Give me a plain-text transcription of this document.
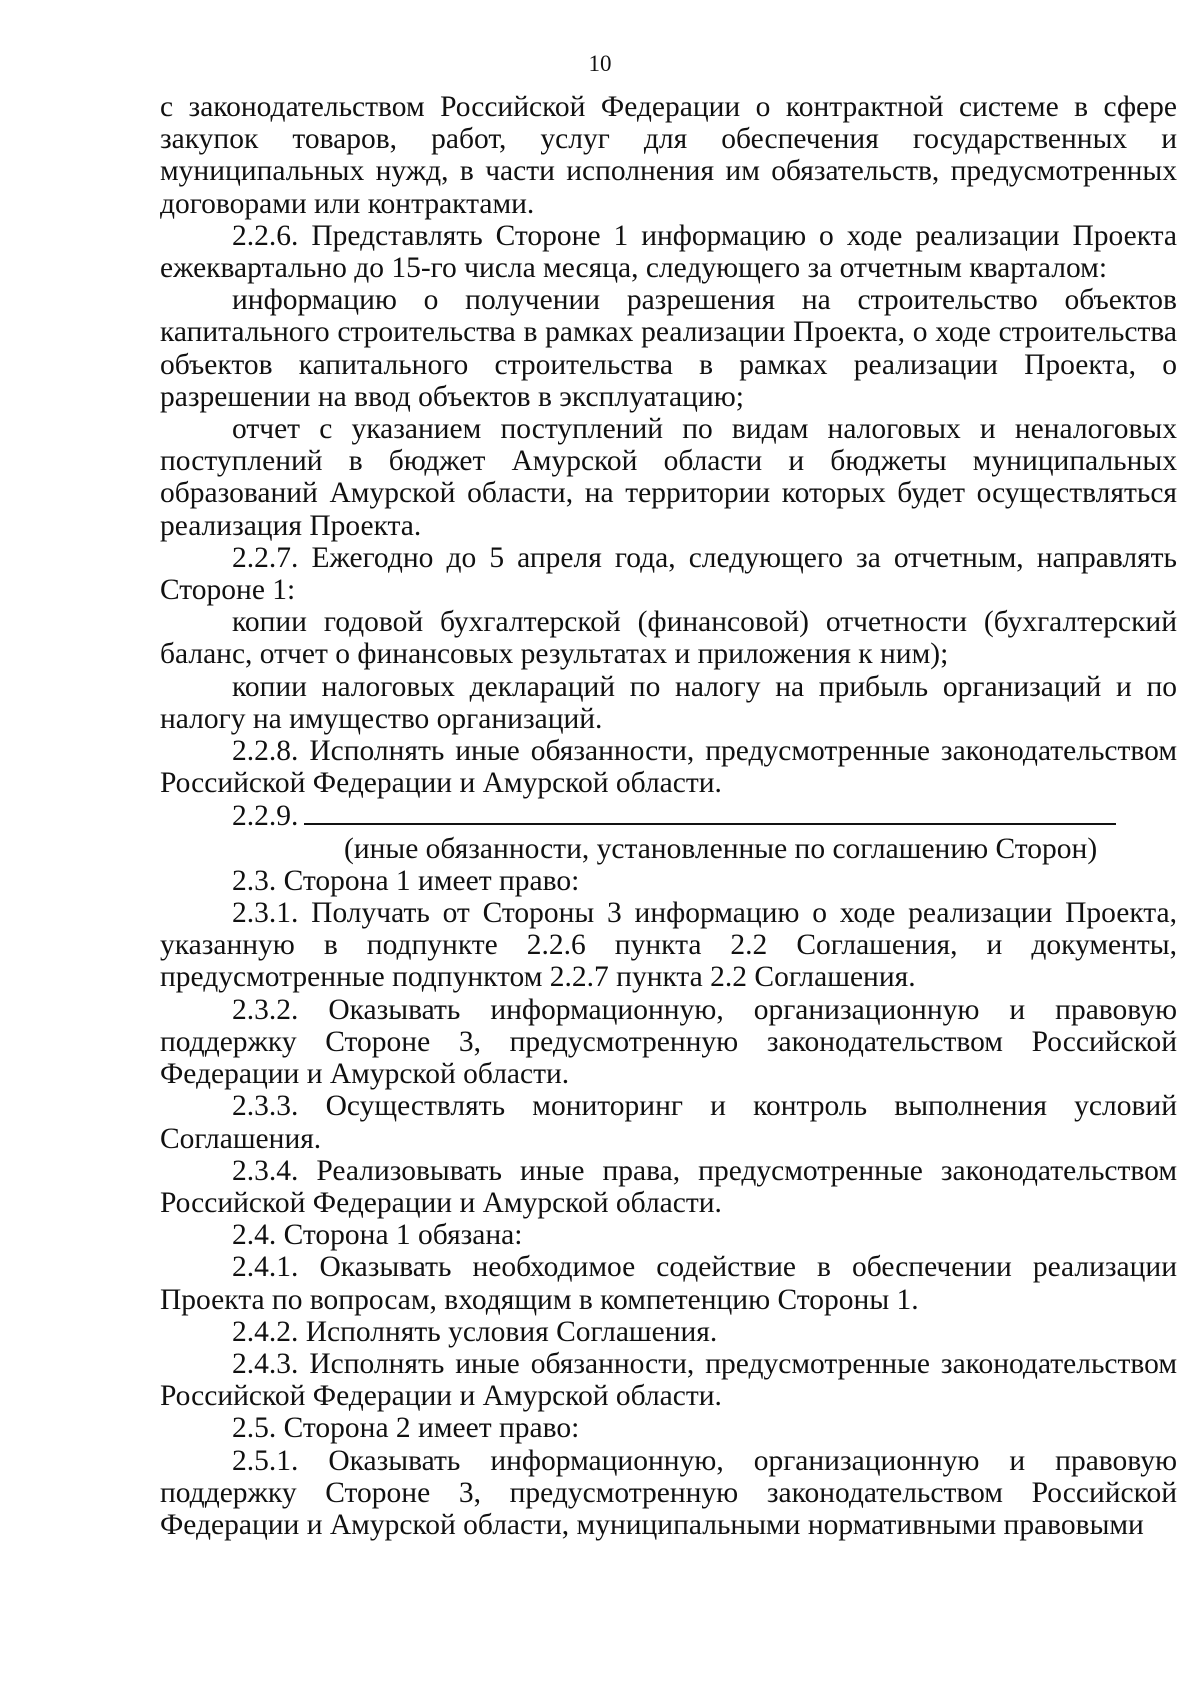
10

с законодательством Российской Федерации о контрактной системе в сфере закупок товаров, работ, услуг для обеспечения государственных и муниципальных нужд, в части исполнения им обязательств, предусмотренных договорами или контрактами.

2.2.6. Представлять Стороне 1 информацию о ходе реализации Проекта ежеквартально до 15-го числа месяца, следующего за отчетным кварталом:

информацию о получении разрешения на строительство объектов капитального строительства в рамках реализации Проекта, о ходе строительства объектов капитального строительства в рамках реализации Проекта, о разрешении на ввод объектов в эксплуатацию;

отчет с указанием поступлений по видам налоговых и неналоговых поступлений в бюджет Амурской области и бюджеты муниципальных образований Амурской области, на территории которых будет осуществляться реализация Проекта.

2.2.7. Ежегодно до 5 апреля года, следующего за отчетным, направлять Стороне 1:

копии годовой бухгалтерской (финансовой) отчетности (бухгалтерский баланс, отчет о финансовых результатах и приложения к ним);

копии налоговых деклараций по налогу на прибыль организаций и по налогу на имущество организаций.

2.2.8. Исполнять иные обязанности, предусмотренные законодательством Российской Федерации и Амурской области.

2.2.9.

(иные обязанности, установленные по соглашению Сторон)

2.3. Сторона 1 имеет право:

2.3.1. Получать от Стороны 3 информацию о ходе реализации Проекта, указанную в подпункте 2.2.6 пункта 2.2 Соглашения, и документы, предусмотренные подпунктом 2.2.7 пункта 2.2 Соглашения.

2.3.2. Оказывать информационную, организационную и правовую поддержку Стороне 3, предусмотренную законодательством Российской Федерации и Амурской области.

2.3.3. Осуществлять мониторинг и контроль выполнения условий Соглашения.

2.3.4. Реализовывать иные права, предусмотренные законодательством Российской Федерации и Амурской области.

2.4. Сторона 1 обязана:

2.4.1. Оказывать необходимое содействие в обеспечении реализации Проекта по вопросам, входящим в компетенцию Стороны 1.

2.4.2. Исполнять условия Соглашения.

2.4.3. Исполнять иные обязанности, предусмотренные законодательством Российской Федерации и Амурской области.

2.5. Сторона 2 имеет право:

2.5.1. Оказывать информационную, организационную и правовую поддержку Стороне 3, предусмотренную законодательством Российской Федерации и Амурской области, муниципальными нормативными правовыми
